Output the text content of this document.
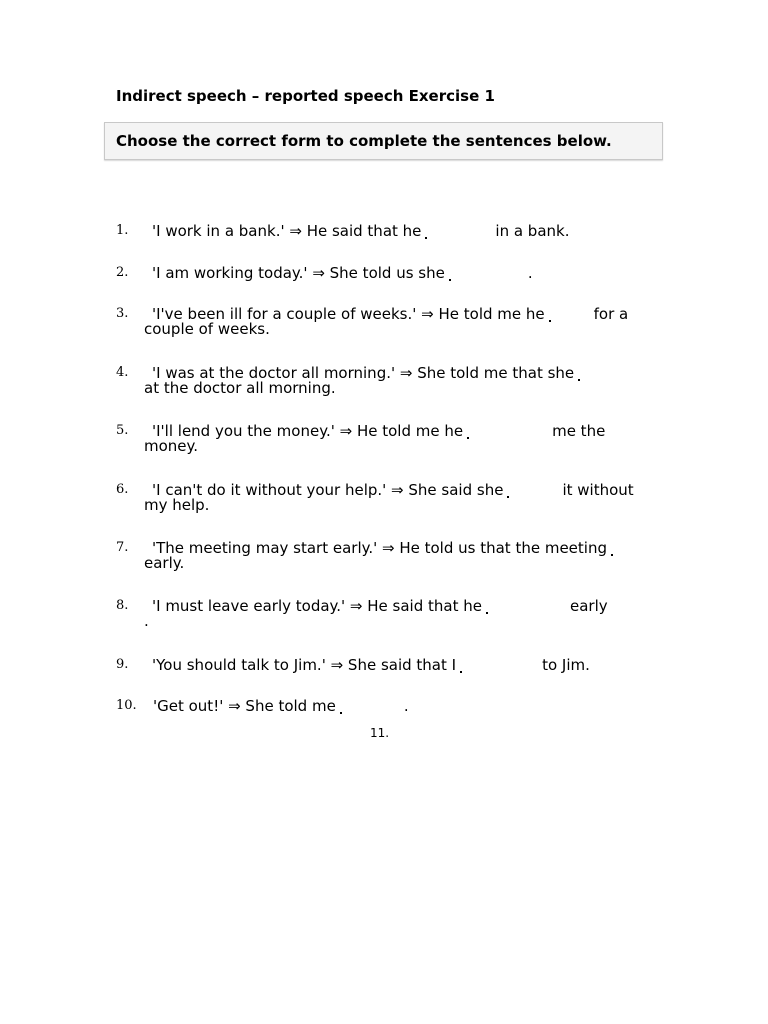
Indirect speech – reported speech Exercise 1
Choose the correct form to complete the sentences below.
1.	'I work in a bank.' ⇒ He said that he	in a bank.
2.	'I am working today.' ⇒ She told us she	.
3.	'I've been ill for a couple of weeks.' ⇒ He told me he	for a
couple of weeks.
4.	'I was at the doctor all morning.' ⇒ She told me that she
at the doctor all morning.
5.	'I'll lend you the money.' ⇒ He told me he	me the
money.
6.	'I can't do it without your help.' ⇒ She said she	it without
my help.
7.	'The meeting may start early.' ⇒ He told us that the meeting
early.
8.	'I must leave early today.' ⇒ He said that he	early
.
9.	'You should talk to Jim.' ⇒ She said that I	to Jim.
10. 'Get out!' ⇒ She told me	.
11.
